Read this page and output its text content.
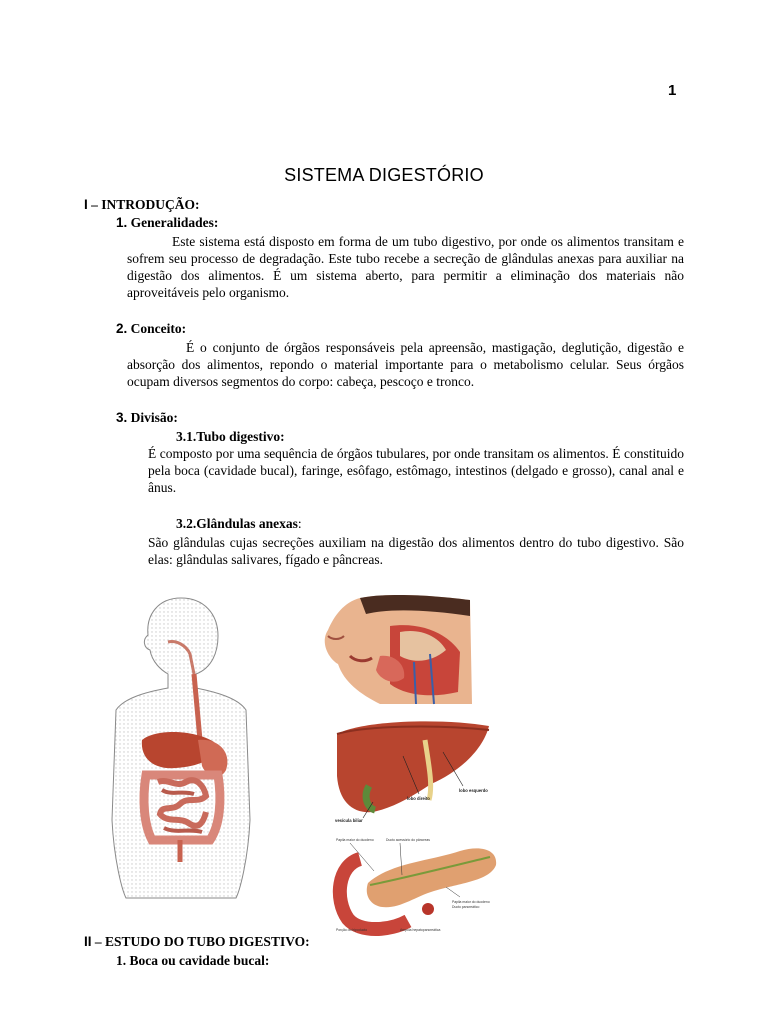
1
SISTEMA DIGESTÓRIO
I – INTRODUÇÃO:
1. Generalidades:
Este sistema está disposto em forma de um tubo digestivo, por onde os alimentos transitam e sofrem seu processo de degradação. Este tubo recebe a secreção de glândulas anexas para auxiliar na digestão dos alimentos. É um sistema aberto, para permitir a eliminação dos materiais não aproveitáveis pelo organismo.
2. Conceito:
É o conjunto de órgãos responsáveis pela apreensão, mastigação, deglutição, digestão e absorção dos alimentos, repondo o material importante para o metabolismo celular. Seus órgãos ocupam diversos segmentos do corpo: cabeça, pescoço e tronco.
3. Divisão:
3.1.Tubo digestivo:
É composto por uma sequência de órgãos tubulares, por onde transitam os alimentos. É constituido pela boca (cavidade bucal), faringe, esôfago, estômago, intestinos (delgado e grosso), canal anal e ânus.
3.2.Glândulas anexas:
São glândulas cujas secreções auxiliam na digestão dos alimentos dentro do tubo digestivo. São elas: glândulas salivares, fígado e pâncreas.
lobo esquerdo
lobo direito
vesícula biliar
Papila maior do duodeno	Ducto acessório do pâncreas
Papila maior do duodeno
Ducto pancreático
Porção do hipoducto	Ampola hepatopancreática
II – ESTUDO DO TUBO DIGESTIVO:
1. Boca ou cavidade bucal:
